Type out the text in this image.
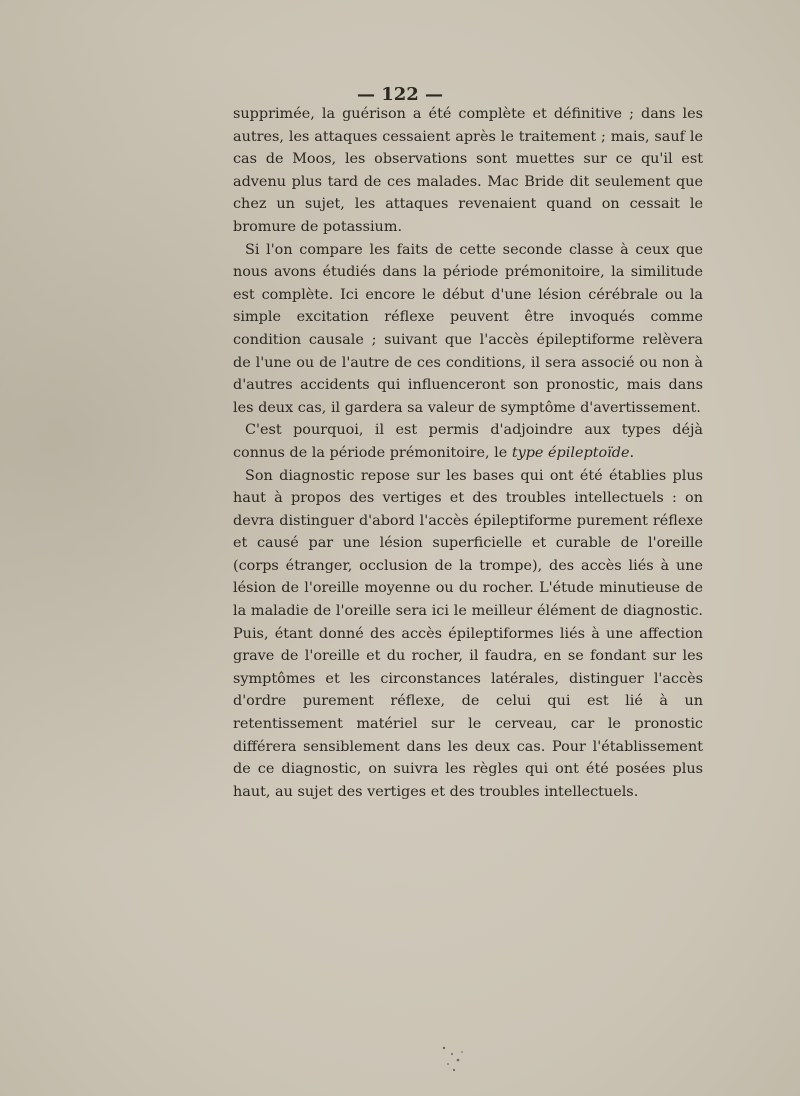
— 122 —

supprimée, la guérison a été complète et définitive ; dans les autres, les attaques cessaient après le traitement ; mais, sauf le cas de Moos, les observations sont muettes sur ce qu'il est advenu plus tard de ces malades. Mac Bride dit seulement que chez un sujet, les attaques revenaient quand on cessait le bromure de potassium.

Si l'on compare les faits de cette seconde classe à ceux que nous avons étudiés dans la période prémonitoire, la similitude est complète. Ici encore le début d'une lésion cérébrale ou la simple excitation réflexe peuvent être invoqués comme condition causale ; suivant que l'accès épileptiforme relèvera de l'une ou de l'autre de ces conditions, il sera associé ou non à d'autres accidents qui influenceront son pronostic, mais dans les deux cas, il gardera sa valeur de symptôme d'avertissement.

C'est pourquoi, il est permis d'adjoindre aux types déjà connus de la période prémonitoire, le type épileptoïde.

Son diagnostic repose sur les bases qui ont été établies plus haut à propos des vertiges et des troubles intellectuels : on devra distinguer d'abord l'accès épileptiforme purement réflexe et causé par une lésion superficielle et curable de l'oreille (corps étranger, occlusion de la trompe), des accès liés à une lésion de l'oreille moyenne ou du rocher. L'étude minutieuse de la maladie de l'oreille sera ici le meilleur élément de diagnostic. Puis, étant donné des accès épileptiformes liés à une affection grave de l'oreille et du rocher, il faudra, en se fondant sur les symptômes et les circonstances latérales, distinguer l'accès d'ordre purement réflexe, de celui qui est lié à un retentissement matériel sur le cerveau, car le pronostic différera sensiblement dans les deux cas. Pour l'établissement de ce diagnostic, on suivra les règles qui ont été posées plus haut, au sujet des vertiges et des troubles intellectuels.
